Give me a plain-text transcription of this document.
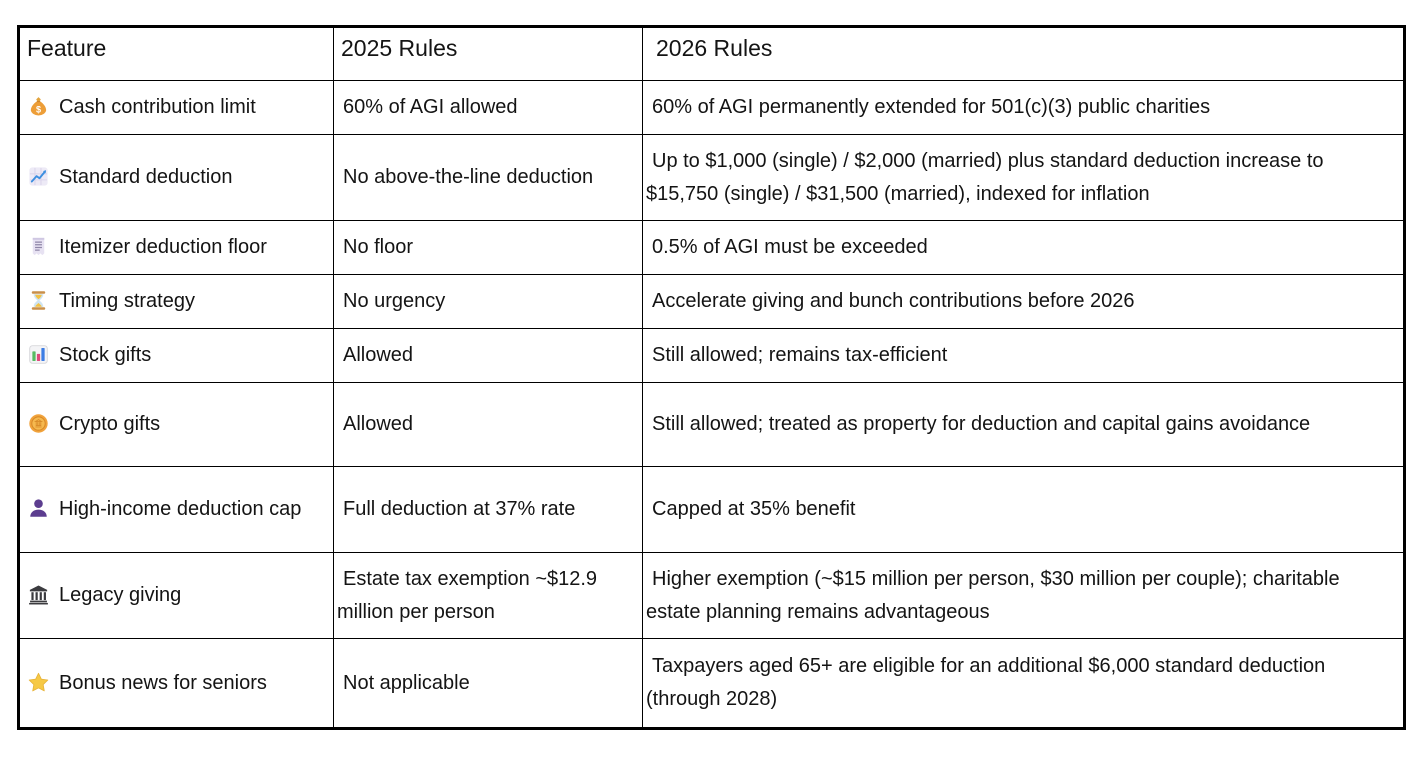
Feature	2025 Rules	2026 Rules

$ Cash contribution limit	60% of AGI allowed	60% of AGI permanently extended for 501(c)(3) public charities

Standard deduction	No above-the-line deduction	Up to $1,000 (single) / $2,000 (married) plus standard deduction increase to $15,750 (single) / $31,500 (married), indexed for inflation

Itemizer deduction floor	No floor	0.5% of AGI must be exceeded

Timing strategy	No urgency	Accelerate giving and bunch contributions before 2026

Stock gifts	Allowed	Still allowed; remains tax-efficient

Crypto gifts	Allowed	Still allowed; treated as property for deduction and capital gains avoidance

High-income deduction cap	Full deduction at 37% rate	Capped at 35% benefit

Legacy giving	Estate tax exemption ~$12.9 million per person	Higher exemption (~$15 million per person, $30 million per couple); charitable estate planning remains advantageous

Bonus news for seniors	Not applicable	Taxpayers aged 65+ are eligible for an additional $6,000 standard deduction (through 2028)
